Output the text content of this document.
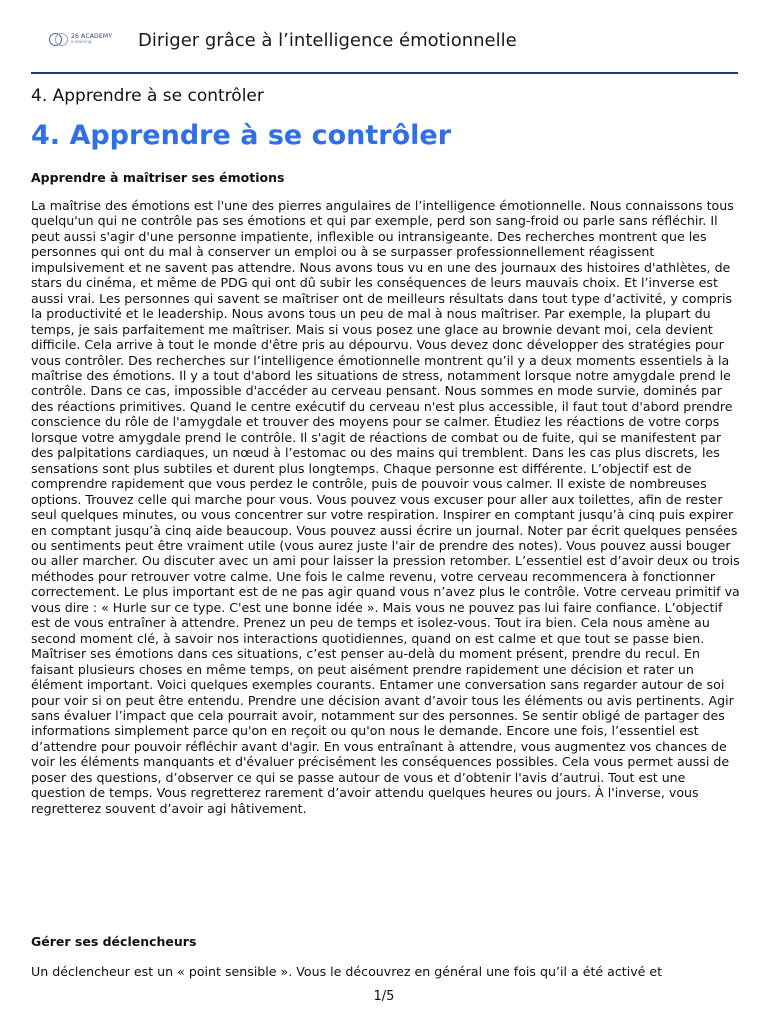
26 ACADEMY
e-learning	Diriger grâce à l’intelligence émotionnelle
4. Apprendre à se contrôler
4. Apprendre à se contrôler
Apprendre à maîtriser ses émotions
La maîtrise des émotions est l'une des pierres angulaires de l’intelligence émotionnelle. Nous connaissons tous quelqu'un qui ne contrôle pas ses émotions et qui par exemple, perd son sang-froid ou parle sans réfléchir. Il peut aussi s'agir d'une personne impatiente, inflexible ou intransigeante. Des recherches montrent que les personnes qui ont du mal à conserver un emploi ou à se surpasser professionnellement réagissent impulsivement et ne savent pas attendre. Nous avons tous vu en une des journaux des histoires d'athlètes, de stars du cinéma, et même de PDG qui ont dû subir les conséquences de leurs mauvais choix. Et l’inverse est aussi vrai. Les personnes qui savent se maîtriser ont de meilleurs résultats dans tout type d’activité, y compris la productivité et le leadership. Nous avons tous un peu de mal à nous maîtriser. Par exemple, la plupart du temps, je sais parfaitement me maîtriser. Mais si vous posez une glace au brownie devant moi, cela devient difficile. Cela arrive à tout le monde d'être pris au dépourvu. Vous devez donc développer des stratégies pour vous contrôler. Des recherches sur l’intelligence émotionnelle montrent qu’il y a deux moments essentiels à la maîtrise des émotions. Il y a tout d'abord les situations de stress, notamment lorsque notre amygdale prend le contrôle. Dans ce cas, impossible d'accéder au cerveau pensant. Nous sommes en mode survie, dominés par des réactions primitives. Quand le centre exécutif du cerveau n'est plus accessible, il faut tout d'abord prendre conscience du rôle de l'amygdale et trouver des moyens pour se calmer. Étudiez les réactions de votre corps lorsque votre amygdale prend le contrôle. Il s'agit de réactions de combat ou de fuite, qui se manifestent par des palpitations cardiaques, un nœud à l’estomac ou des mains qui tremblent. Dans les cas plus discrets, les sensations sont plus subtiles et durent plus longtemps. Chaque personne est différente. L’objectif est de comprendre rapidement que vous perdez le contrôle, puis de pouvoir vous calmer. Il existe de nombreuses options. Trouvez celle qui marche pour vous. Vous pouvez vous excuser pour aller aux toilettes, afin de rester seul quelques minutes, ou vous concentrer sur votre respiration. Inspirer en comptant jusqu’à cinq puis expirer en comptant jusqu’à cinq aide beaucoup. Vous pouvez aussi écrire un journal. Noter par écrit quelques pensées ou sentiments peut être vraiment utile (vous aurez juste l'air de prendre des notes). Vous pouvez aussi bouger ou aller marcher. Ou discuter avec un ami pour laisser la pression retomber. L’essentiel est d’avoir deux ou trois méthodes pour retrouver votre calme. Une fois le calme revenu, votre cerveau recommencera à fonctionner correctement. Le plus important est de ne pas agir quand vous n’avez plus le contrôle. Votre cerveau primitif va vous dire : « Hurle sur ce type. C'est une bonne idée ». Mais vous ne pouvez pas lui faire confiance. L’objectif est de vous entraîner à attendre. Prenez un peu de temps et isolez-vous. Tout ira bien. Cela nous amène au second moment clé, à savoir nos interactions quotidiennes, quand on est calme et que tout se passe bien. Maîtriser ses émotions dans ces situations, c’est penser au-delà du moment présent, prendre du recul. En faisant plusieurs choses en même temps, on peut aisément prendre rapidement une décision et rater un élément important. Voici quelques exemples courants. Entamer une conversation sans regarder autour de soi pour voir si on peut être entendu. Prendre une décision avant d’avoir tous les éléments ou avis pertinents. Agir sans évaluer l’impact que cela pourrait avoir, notamment sur des personnes. Se sentir obligé de partager des informations simplement parce qu'on en reçoit ou qu'on nous le demande. Encore une fois, l’essentiel est d’attendre pour pouvoir réfléchir avant d'agir. En vous entraînant à attendre, vous augmentez vos chances de voir les éléments manquants et d'évaluer précisément les conséquences possibles. Cela vous permet aussi de poser des questions, d’observer ce qui se passe autour de vous et d’obtenir l'avis d’autrui. Tout est une question de temps. Vous regretterez rarement d’avoir attendu quelques heures ou jours. À l'inverse, vous regretterez souvent d’avoir agi hâtivement.
Gérer ses déclencheurs
Un déclencheur est un « point sensible ». Vous le découvrez en général une fois qu’il a été activé et
1/5
